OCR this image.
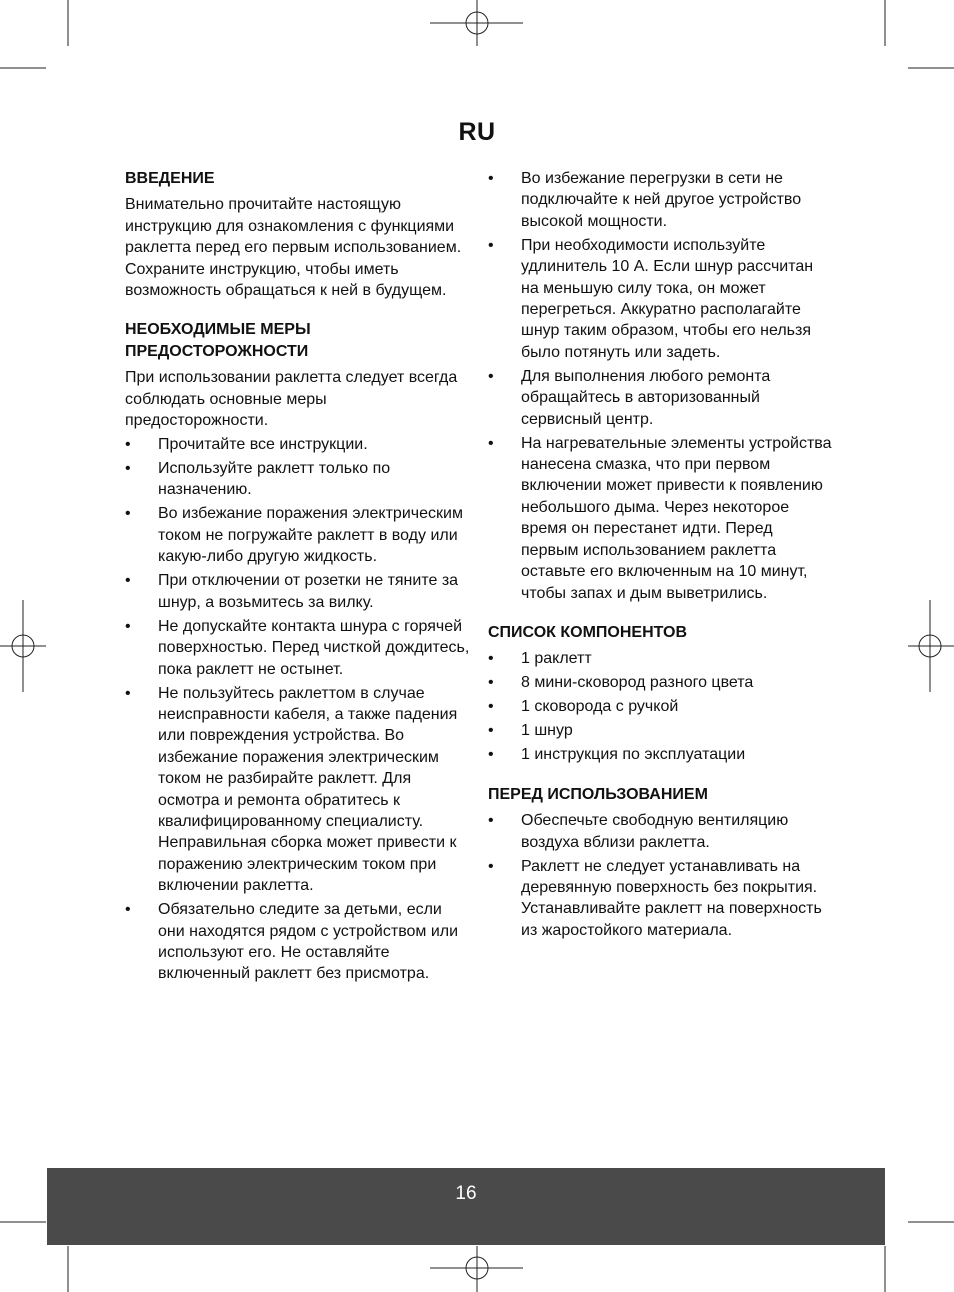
RU
ВВЕДЕНИЕ

Внимательно прочитайте настоящую инструкцию для ознакомления с функциями раклетта перед его первым использованием. Сохраните инструкцию, чтобы иметь возможность обращаться к ней в будущем.

НЕОБХОДИМЫЕ МЕРЫ ПРЕДОСТОРОЖНОСТИ

При использовании раклетта следует всегда соблюдать основные меры предосторожности.

• Прочитайте все инструкции.
• Используйте раклетт только по назначению.
• Во избежание поражения электрическим током не погружайте раклетт в воду или какую-либо другую жидкость.
• При отключении от розетки не тяните за шнур, а возьмитесь за вилку.
• Не допускайте контакта шнура с горячей поверхностью. Перед чисткой дождитесь, пока раклетт не остынет.
• Не пользуйтесь раклеттом в случае неисправности кабеля, а также падения или повреждения устройства. Во избежание поражения электрическим током не разбирайте раклетт. Для осмотра и ремонта обратитесь к квалифицированному специалисту. Неправильная сборка может привести к поражению электрическим током при включении раклетта.
• Обязательно следите за детьми, если они находятся рядом с устройством или используют его. Не оставляйте включенный раклетт без присмотра.
• Во избежание перегрузки в сети не подключайте к ней другое устройство высокой мощности.
• При необходимости используйте удлинитель 10 А. Если шнур рассчитан на меньшую силу тока, он может перегреться. Аккуратно располагайте шнур таким образом, чтобы его нельзя было потянуть или задеть.
• Для выполнения любого ремонта обращайтесь в авторизованный сервисный центр.
• На нагревательные элементы устройства нанесена смазка, что при первом включении может привести к появлению небольшого дыма. Через некоторое время он перестанет идти. Перед первым использованием раклетта оставьте его включенным на 10 минут, чтобы запах и дым выветрились.
СПИСОК КОМПОНЕНТОВ
• 1 раклетт
• 8 мини-сковород разного цвета
• 1 сковорода с ручкой
• 1 шнур
• 1 инструкция по эксплуатации
ПЕРЕД ИСПОЛЬЗОВАНИЕМ
• Обеспечьте свободную вентиляцию воздуха вблизи раклетта.
• Раклетт не следует устанавливать на деревянную поверхность без покрытия. Устанавливайте раклетт на поверхность из жаростойкого материала.
16
